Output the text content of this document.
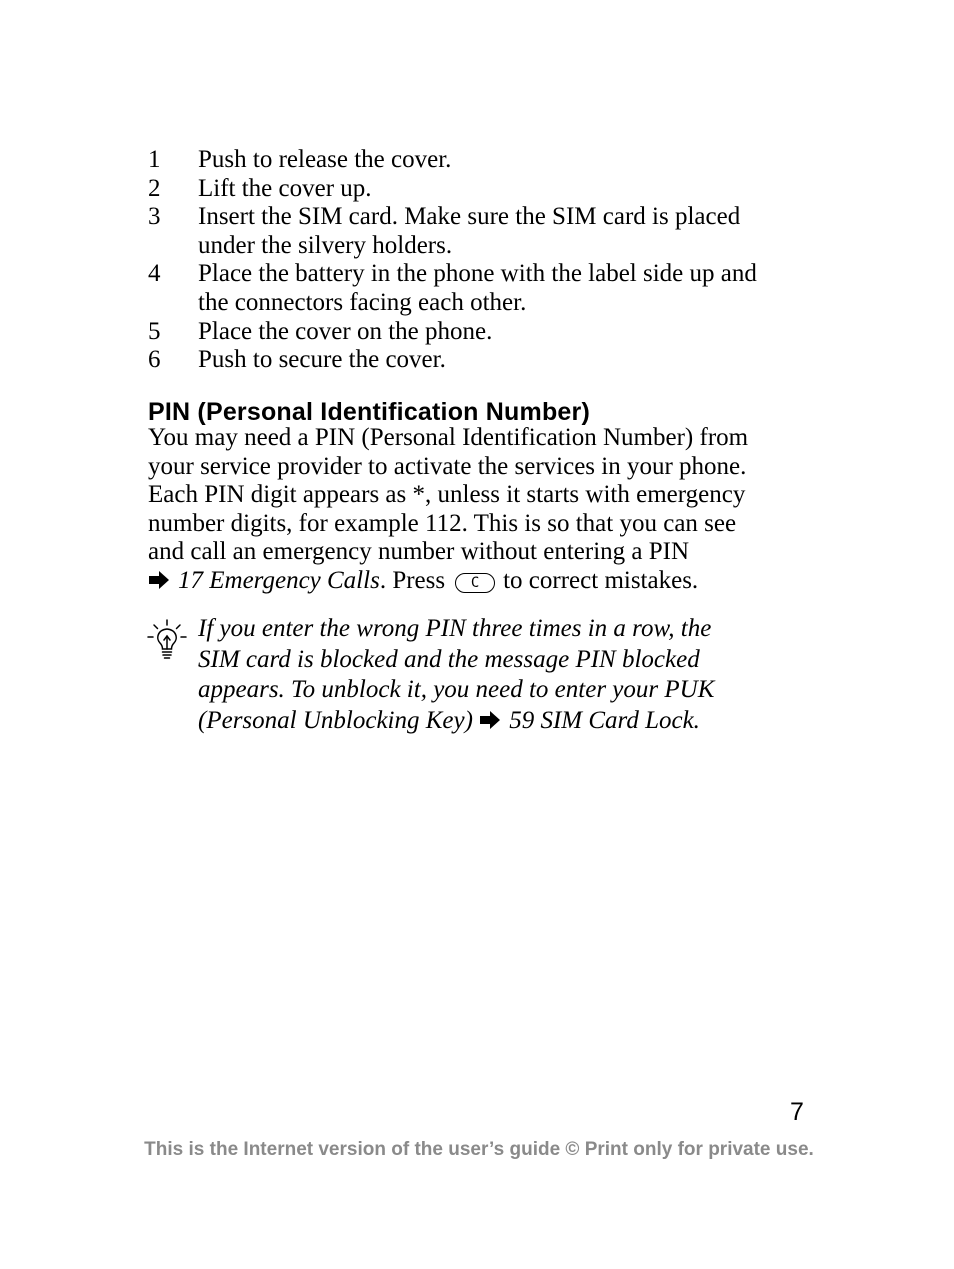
1	Push to release the cover.
2	Lift the cover up.
3	Insert the SIM card. Make sure the SIM card is placed
under the silvery holders.
4	Place the battery in the phone with the label side up and
the connectors facing each other.
5	Place the cover on the phone.
6	Push to secure the cover.
PIN (Personal Identification Number)
You may need a PIN (Personal Identification Number) from
your service provider to activate the services in your phone.
Each PIN digit appears as *, unless it starts with emergency
number digits, for example 112. This is so that you can see
and call an emergency number without entering a PIN
17 Emergency Calls. Press C to correct mistakes.
If you enter the wrong PIN three times in a row, the
SIM card is blocked and the message PIN blocked
appears. To unblock it, you need to enter your PUK
(Personal Unblocking Key) 59 SIM Card Lock.
7
This is the Internet version of the user’s guide © Print only for private use.
